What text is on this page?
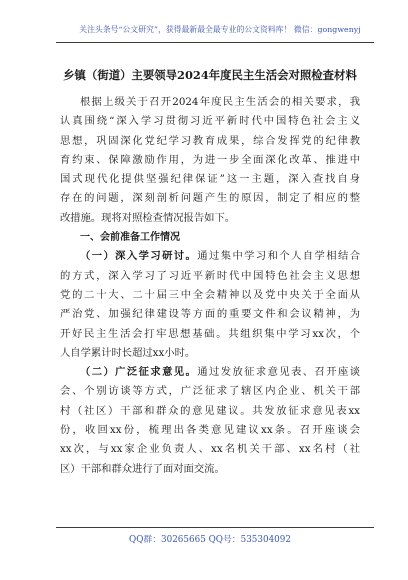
关注头条号“公文研究”，获得最新最全最专业的公文资料库！ 微信：gongwenyj
乡镇（街道）主要领导2024年度民主生活会对照检查材料
根据上级关于召开2024年度民主生活会的相关要求，我
认真围绕“深入学习贯彻习近平新时代中国特色社会主义
思想，巩固深化党纪学习教育成果，综合发挥党的纪律教
育约束、保障激励作用，为进一步全面深化改革、推进中
国式现代化提供坚强纪律保证”这一主题，深入查找自身
存在的问题，深刻剖析问题产生的原因，制定了相应的整
改措施。现将对照检查情况报告如下。
一、会前准备工作情况
（一）深入学习研讨。通过集中学习和个人自学相结合
的方式，深入学习了习近平新时代中国特色社会主义思想
党的二十大、二十届三中全会精神以及党中央关于全面从
严治党、加强纪律建设等方面的重要文件和会议精神，为
开好民主生活会打牢思想基础。共组织集中学习xx次，个
人自学累计时长超过xx小时。
（二）广泛征求意见。通过发放征求意见表、召开座谈
会、个别访谈等方式，广泛征求了辖区内企业、机关干部
村（社区）干部和群众的意见建议。共发放征求意见表xx
份，收回xx份，梳理出各类意见建议xx条。召开座谈会
xx次，与xx家企业负责人、xx名机关干部、xx名村（社
区）干部和群众进行了面对面交流。
QQ群：30265665 QQ号：535304092
